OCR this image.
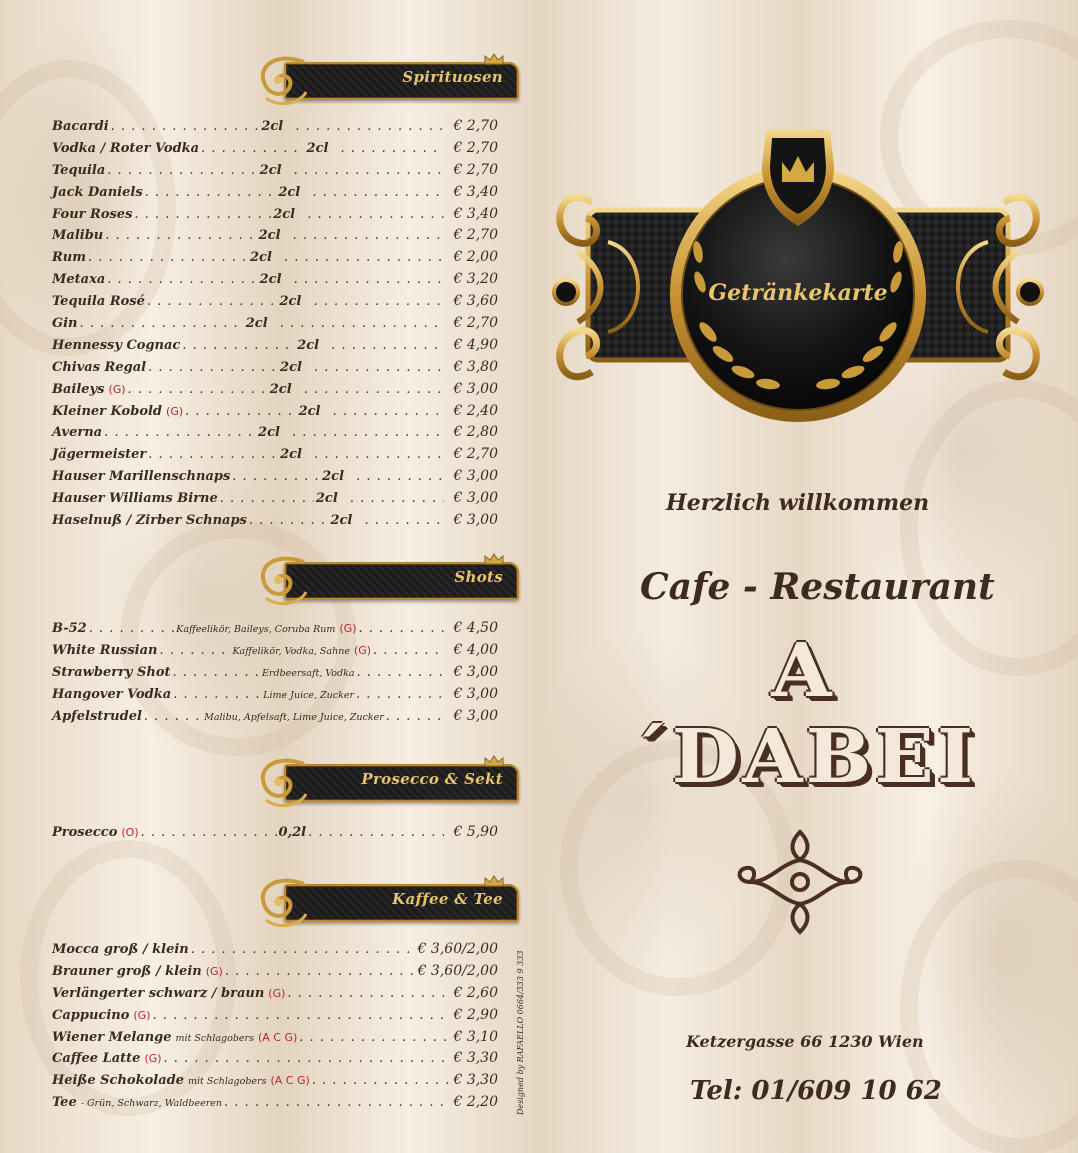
Spirituosen
Bacardi . . .	2cl . . .	€ 2,70
Vodka / Roter Vodka . . .	2cl . . .	€ 2,70
Tequila . . .	2cl . . .	€ 2,70
Jack Daniels . . .	2cl . . .	€ 3,40
Four Roses . . .	2cl . . .	€ 3,40
Malibu . . .	2cl . . .	€ 2,70
Rum . . .	2cl . . .	€ 2,00
Metaxa . . .	2cl . . .	€ 3,20
Tequila Rosé . . .	2cl . . .	€ 3,60
Gin . . .	2cl . . .	€ 2,70
Hennessy Cognac . . .	2cl . . .	€ 4,90
Chivas Regal . . .	2cl . . .	€ 3,80
Baileys (G) . . .	2cl . . .	€ 3,00
Kleiner Kobold (G) . . .	2cl . . .	€ 2,40
Averna . . .	2cl . . .	€ 2,80
Jägermeister . . .	2cl . . .	€ 2,70
Hauser Marillenschnaps . . .	2cl . . .	€ 3,00
Hauser Williams Birne . . .	2cl . . .	€ 3,00
Haselnuß / Zirber Schnaps . . .	2cl . . .	€ 3,00
Shots
B-52 . . .	Kaffeelikör, Baileys, Coruba Rum (G) . . .	€ 4,50
White Russian . . .	Kaffelikör, Vodka, Sahne (G) . . .	€ 4,00
Strawberry Shot . . .	Erdbeersaft, Vodka . . .	€ 3,00
Hangover Vodka . . .	Lime Juice, Zucker . . .	€ 3,00
Apfelstrudel . . .	Malibu, Apfelsaft, Lime Juice, Zucker . . .	€ 3,00
Prosecco & Sekt
Prosecco (O) . . .	0,2l . . .	€ 5,90
Kaffee & Tee
Mocca groß / klein . . .	€ 3,60/2,00
Brauner groß / klein (G) . . .	€ 3,60/2,00
Verlängerter schwarz / braun (G) . . .	€ 2,60
Cappucino (G) . . .	€ 2,90
Wiener Melange mit Schlagobers (A C G) . . .	€ 3,10
Caffee Latte (G) . . .	€ 3,30
Heiße Schokolade mit Schlagobers (A C G) . . .	€ 3,30
Tee - Grün, Schwarz, Waldbeeren . . .	€ 2,20 Designed by RAFAELLO 0664/333 9 333
Getränkekarte
Herzlich willkommen
Cafe - Restaurant
A´DABEI
Ketzergasse 66 1230 Wien
Tel: 01/609 10 62
